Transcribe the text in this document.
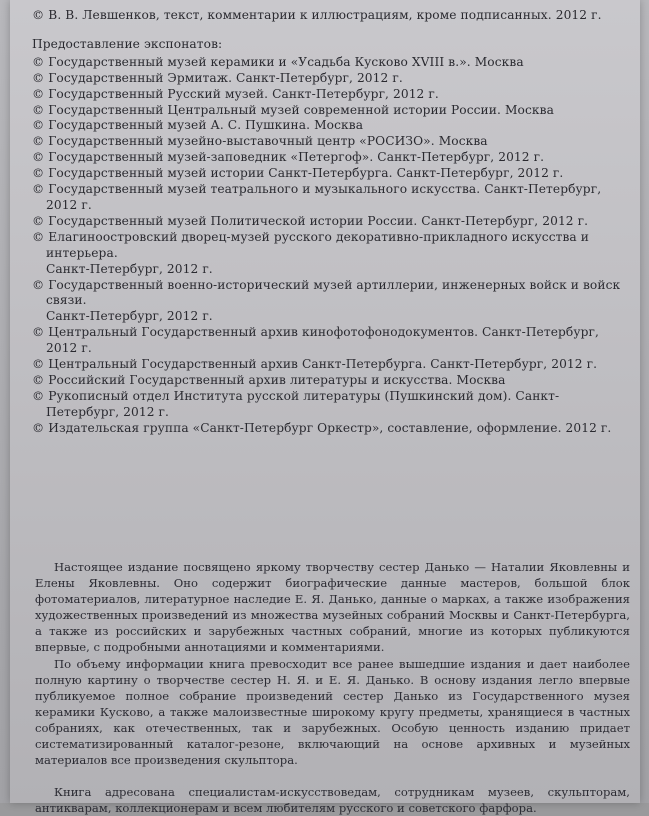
© В. В. Левшенков, текст, комментарии к иллюстрациям, кроме подписанных. 2012 г.

Предоставление экспонатов:

© Государственный музей керамики и «Усадьба Кусково XVIII в.». Москва
© Государственный Эрмитаж. Санкт-Петербург, 2012 г.
© Государственный Русский музей. Санкт-Петербург, 2012 г.
© Государственный Центральный музей современной истории России. Москва
© Государственный музей А. С. Пушкина. Москва
© Государственный музейно-выставочный центр «РОСИЗО». Москва
© Государственный музей-заповедник «Петергоф». Санкт-Петербург, 2012 г.
© Государственный музей истории Санкт-Петербурга. Санкт-Петербург, 2012 г.
© Государственный музей театрального и музыкального искусства. Санкт-Петербург, 2012 г.
© Государственный музей Политической истории России. Санкт-Петербург, 2012 г.
© Елагиноостровский дворец-музей русского декоративно-прикладного искусства и интерьера.
Санкт-Петербург, 2012 г.
© Государственный военно-исторический музей артиллерии, инженерных войск и войск связи.
Санкт-Петербург, 2012 г.
© Центральный Государственный архив кинофотофонодокументов. Санкт-Петербург, 2012 г.
© Центральный Государственный архив Санкт-Петербурга. Санкт-Петербург, 2012 г.
© Российский Государственный архив литературы и искусства. Москва
© Рукописный отдел Института русской литературы (Пушкинский дом). Санкт-Петербург, 2012 г.
© Издательская группа «Санкт-Петербург Оркестр», составление, оформление. 2012 г.

Настоящее издание посвящено яркому творчеству сестер Данько — Наталии Яковлевны и Елены Яковлевны. Оно содержит биографические данные мастеров, большой блок фотоматериалов, литературное наследие Е. Я. Данько, данные о марках, а также изображения художественных произведений из множества музейных собраний Москвы и Санкт-Петербурга, а также из российских и зарубежных частных собраний, многие из которых публикуются впервые, с подробными аннотациями и комментариями.

По объему информации книга превосходит все ранее вышедшие издания и дает наиболее полную картину о творчестве сестер Н. Я. и Е. Я. Данько. В основу издания легло впервые публикуемое полное собрание произведений сестер Данько из Государственного музея керамики Кусково, а также малоизвестные широкому кругу предметы, хранящиеся в частных собраниях, как отечественных, так и зарубежных. Особую ценность изданию придает систематизированный каталог-резоне, включающий на основе архивных и музейных материалов все произведения скульптора.

Книга адресована специалистам-искусствоведам, сотрудникам музеев, скульпторам, антикварам, коллекционерам и всем любителям русского и советского фарфора.
